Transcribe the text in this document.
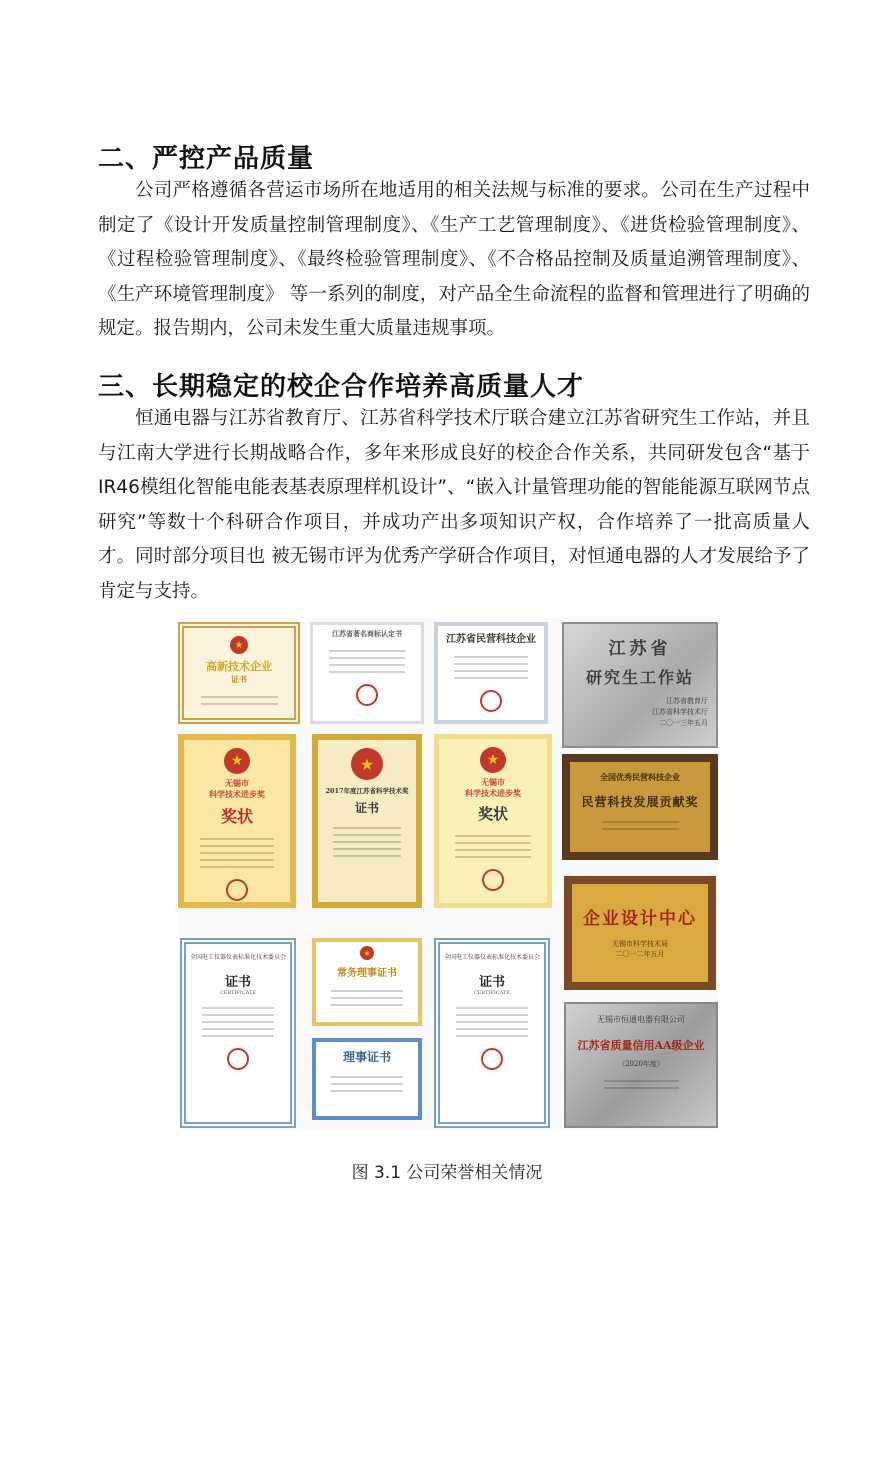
二、严控产品质量

公司严格遵循各营运市场所在地适用的相关法规与标准的要求。公司在生产过程中制定了《设计开发质量控制管理制度》、《生产工艺管理制度》、《进货检验管理制度》、《过程检验管理制度》、《最终检验管理制度》、《不合格品控制及质量追溯管理制度》、《生产环境管理制度》 等一系列的制度，对产品全生命流程的监督和管理进行了明确的规定。报告期内，公司未发生重大质量违规事项。

三、长期稳定的校企合作培养高质量人才

恒通电器与江苏省教育厅、江苏省科学技术厅联合建立江苏省研究生工作站，并且与江南大学进行长期战略合作，多年来形成良好的校企合作关系，共同研发包含“基于IR46模组化智能电能表基表原理样机设计”、“嵌入计量管理功能的智能能源互联网节点研究”等数十个科研合作项目，并成功产出多项知识产权，合作培养了一批高质量人才。同时部分项目也 被无锡市评为优秀产学研合作项目，对恒通电器的人才发展给予了肯定与支持。

★
高新技术企业
证书
江苏省著名商标认定书
江苏省民营科技企业	江苏省
研究生工作站
江苏省教育厅
江苏省科学技术厅
二〇一三年五月
★
无锡市
科学技术进步奖
奖状
★
2017年度江苏省科学技术奖
证书
★
无锡市
科学技术进步奖
奖状
全国优秀民营科技企业
民营科技发展贡献奖
企业设计中心
无锡市科学技术局
二〇一二年五月
全国电工仪器仪表标准化技术委员会
证书
CERTIFICATE
★
常务理事证书
理事证书
全国电工仪器仪表标准化技术委员会
证书
CERTIFICATE
无锡市恒通电器有限公司
江苏省质量信用AA级企业
（2020年度）
图 3.1 公司荣誉相关情况
